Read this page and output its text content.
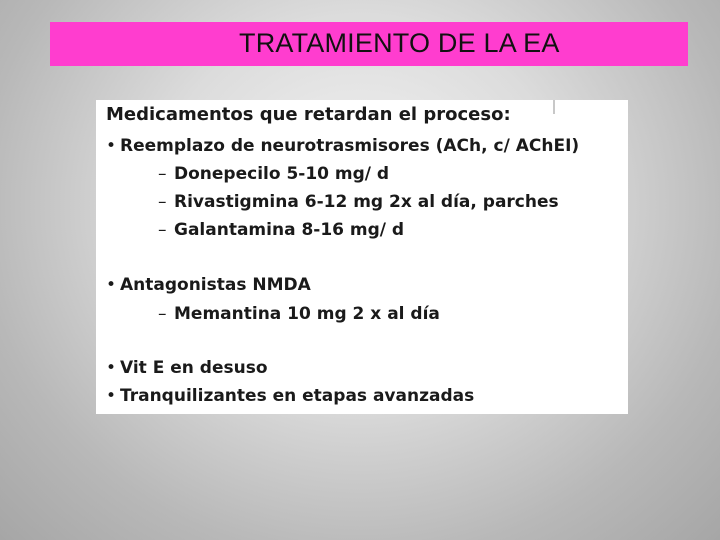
TRATAMIENTO DE LA EA
Medicamentos que retardan el proceso:
• Reemplazo de neurotrasmisores (ACh, c/ AChEI)
– Donepecilo 5-10 mg/ d
– Rivastigmina 6-12 mg 2x al día, parches
– Galantamina 8-16 mg/ d
• Antagonistas NMDA
– Memantina 10 mg 2 x al día
• Vit E en desuso
• Tranquilizantes en etapas avanzadas
